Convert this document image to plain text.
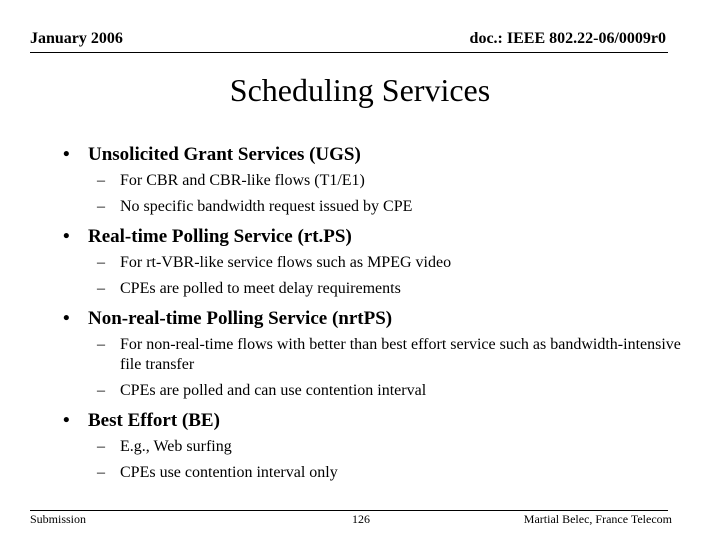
January 2006	doc.: IEEE 802.22-06/0009r0
Scheduling Services
• Unsolicited Grant Services (UGS)
– For CBR and CBR-like flows (T1/E1)
– No specific bandwidth request issued by CPE
• Real-time Polling Service (rt.PS)
– For rt-VBR-like service flows such as MPEG video
– CPEs are polled to meet delay requirements
• Non-real-time Polling Service (nrtPS)
– For non-real-time flows with better than best effort service such as bandwidth-intensive file transfer
– CPEs are polled and can use contention interval
• Best Effort (BE)
– E.g., Web surfing
– CPEs use contention interval only
Submission	126	Martial Belec, France Telecom
